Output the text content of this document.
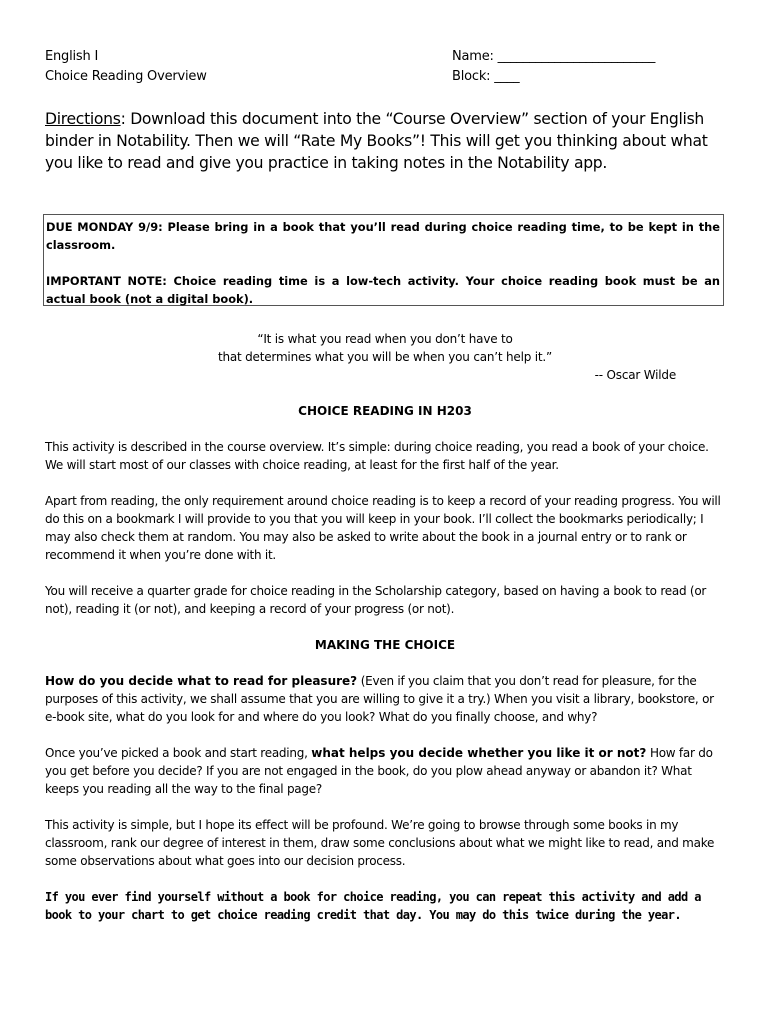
English I
Choice Reading Overview
Name: _________________________
Block: ____
Directions: Download this document into the “Course Overview” section of your English binder in Notability. Then we will “Rate My Books”! This will get you thinking about what you like to read and give you practice in taking notes in the Notability app.

DUE MONDAY 9/9: Please bring in a book that you’ll read during choice reading time, to be kept in the classroom.

IMPORTANT NOTE: Choice reading time is a low-tech activity. Your choice reading book must be an actual book (not a digital book).

“It is what you read when you don’t have to
that determines what you will be when you can’t help it.”
-- Oscar Wilde
CHOICE READING IN H203

This activity is described in the course overview. It’s simple: during choice reading, you read a book of your choice. We will start most of our classes with choice reading, at least for the first half of the year.

Apart from reading, the only requirement around choice reading is to keep a record of your reading progress. You will do this on a bookmark I will provide to you that you will keep in your book. I’ll collect the bookmarks periodically; I may also check them at random. You may also be asked to write about the book in a journal entry or to rank or recommend it when you’re done with it.

You will receive a quarter grade for choice reading in the Scholarship category, based on having a book to read (or not), reading it (or not), and keeping a record of your progress (or not).

MAKING THE CHOICE

How do you decide what to read for pleasure? (Even if you claim that you don’t read for pleasure, for the purposes of this activity, we shall assume that you are willing to give it a try.) When you visit a library, bookstore, or e-book site, what do you look for and where do you look? What do you finally choose, and why?

Once you’ve picked a book and start reading, what helps you decide whether you like it or not? How far do you get before you decide? If you are not engaged in the book, do you plow ahead anyway or abandon it? What keeps you reading all the way to the final page?

This activity is simple, but I hope its effect will be profound. We’re going to browse through some books in my classroom, rank our degree of interest in them, draw some conclusions about what we might like to read, and make some observations about what goes into our decision process.

If you ever find yourself without a book for choice reading, you can repeat this activity and add a book to your chart to get choice reading credit that day. You may do this twice during the year.
